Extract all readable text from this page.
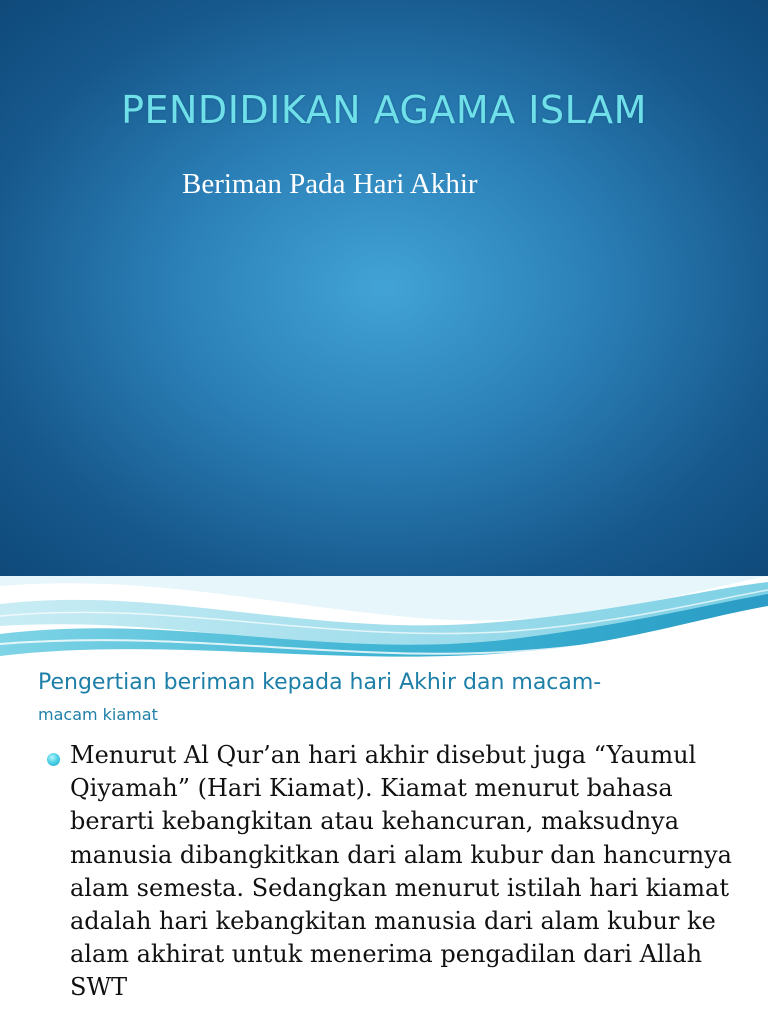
PENDIDIKAN AGAMA ISLAM
Beriman Pada Hari Akhir
Pengertian beriman kepada hari Akhir dan macam-
macam kiamat

Menurut Al Qur’an hari akhir disebut juga “Yaumul
Qiyamah” (Hari Kiamat). Kiamat menurut bahasa
berarti kebangkitan atau kehancuran, maksudnya
manusia dibangkitkan dari alam kubur dan hancurnya
alam semesta. Sedangkan menurut istilah hari kiamat
adalah hari kebangkitan manusia dari alam kubur ke
alam akhirat untuk menerima pengadilan dari Allah
SWT
